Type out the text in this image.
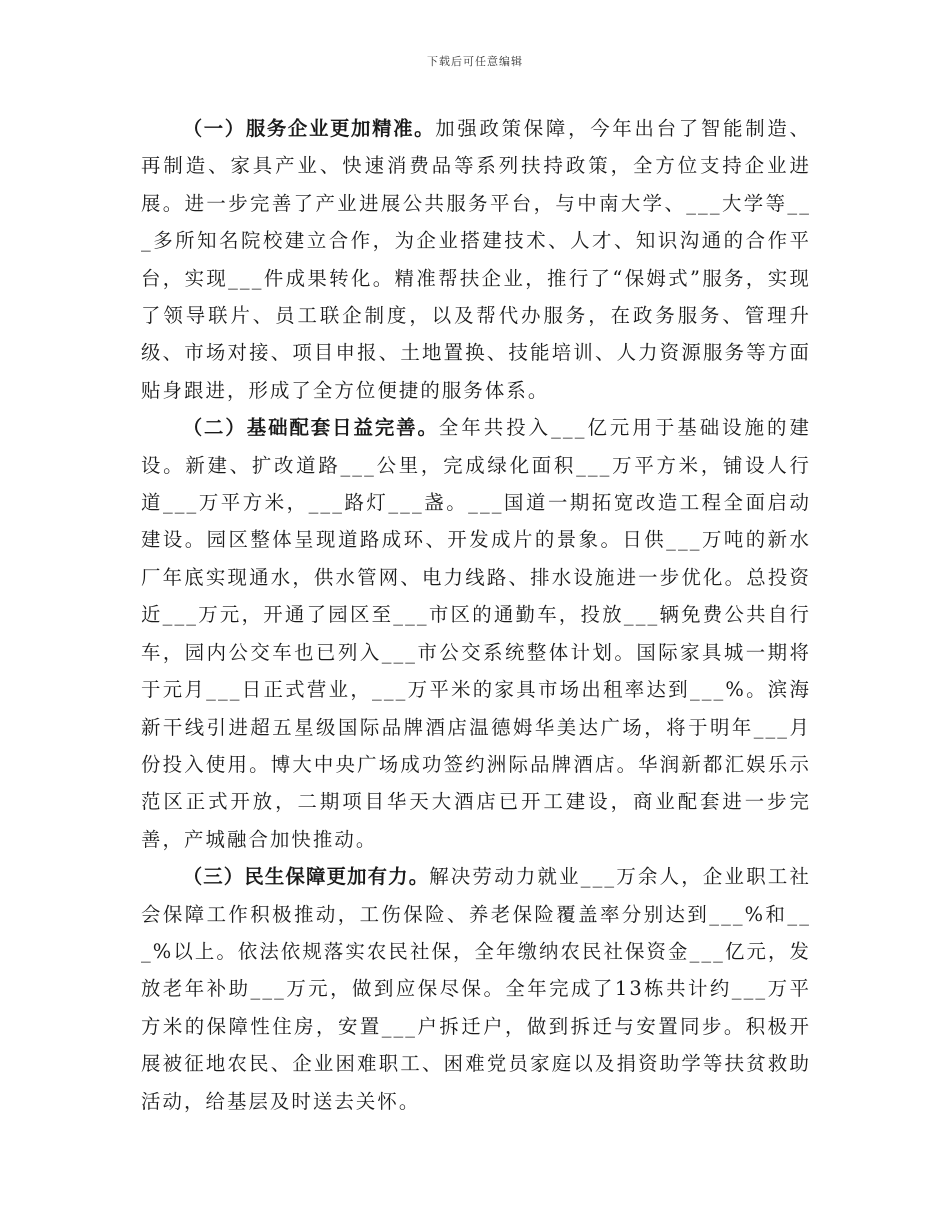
下载后可任意编辑

（一）服务企业更加精准。加强政策保障，今年出台了智能制造、再制造、家具产业、快速消费品等系列扶持政策，全方位支持企业进展。进一步完善了产业进展公共服务平台，与中南大学、___大学等___多所知名院校建立合作，为企业搭建技术、人才、知识沟通的合作平台，实现___件成果转化。精准帮扶企业，推行了“保姆式”服务，实现了领导联片、员工联企制度，以及帮代办服务，在政务服务、管理升级、市场对接、项目申报、土地置换、技能培训、人力资源服务等方面贴身跟进，形成了全方位便捷的服务体系。

（二）基础配套日益完善。全年共投入___亿元用于基础设施的建设。新建、扩改道路___公里，完成绿化面积___万平方米，铺设人行道___万平方米，___路灯___盏。___国道一期拓宽改造工程全面启动建设。园区整体呈现道路成环、开发成片的景象。日供___万吨的新水厂年底实现通水，供水管网、电力线路、排水设施进一步优化。总投资近___万元，开通了园区至___市区的通勤车，投放___辆免费公共自行车，园内公交车也已列入___市公交系统整体计划。国际家具城一期将于元月___日正式营业，___万平米的家具市场出租率达到___%。滨海新干线引进超五星级国际品牌酒店温德姆华美达广场，将于明年___月份投入使用。博大中央广场成功签约洲际品牌酒店。华润新都汇娱乐示范区正式开放，二期项目华天大酒店已开工建设，商业配套进一步完善，产城融合加快推动。

（三）民生保障更加有力。解决劳动力就业___万余人，企业职工社会保障工作积极推动，工伤保险、养老保险覆盖率分别达到___%和___%以上。依法依规落实农民社保，全年缴纳农民社保资金___亿元，发放老年补助___万元，做到应保尽保。全年完成了13栋共计约___万平方米的保障性住房，安置___户拆迁户，做到拆迁与安置同步。积极开展被征地农民、企业困难职工、困难党员家庭以及捐资助学等扶贫救助活动，给基层及时送去关怀。
